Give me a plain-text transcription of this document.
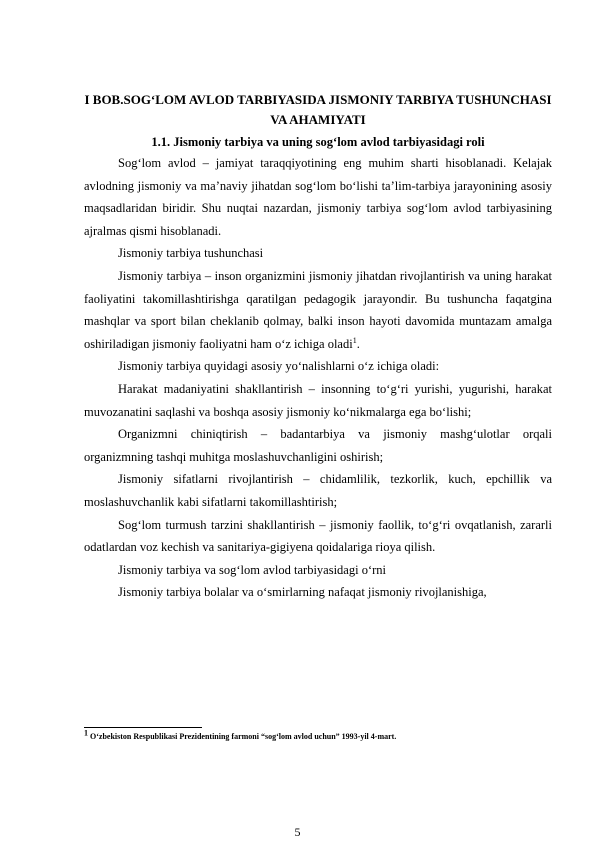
I BOB.SOG‘LOM AVLOD TARBIYASIDA JISMONIY TARBIYA TUSHUNCHASI VA AHAMIYATI
1.1. Jismoniy tarbiya va uning sog‘lom avlod tarbiyasidagi roli

Sog‘lom avlod – jamiyat taraqqiyotining eng muhim sharti hisoblanadi. Kelajak avlodning jismoniy va ma’naviy jihatdan sog‘lom bo‘lishi ta’lim-tarbiya jarayonining asosiy maqsadlaridan biridir. Shu nuqtai nazardan, jismoniy tarbiya sog‘lom avlod tarbiyasining ajralmas qismi hisoblanadi.

Jismoniy tarbiya tushunchasi

Jismoniy tarbiya – inson organizmini jismoniy jihatdan rivojlantirish va uning harakat faoliyatini takomillashtirishga qaratilgan pedagogik jarayondir. Bu tushuncha faqatgina mashqlar va sport bilan cheklanib qolmay, balki inson hayoti davomida muntazam amalga oshiriladigan jismoniy faoliyatni ham o‘z ichiga oladi$^1$.

Jismoniy tarbiya quyidagi asosiy yo‘nalishlarni o‘z ichiga oladi:

Harakat madaniyatini shakllantirish – insonning to‘g‘ri yurishi, yugurishi, harakat muvozanatini saqlashi va boshqa asosiy jismoniy ko‘nikmalarga ega bo‘lishi;

Organizmni chiniqtirish – badantarbiya va jismoniy mashg‘ulotlar orqali organizmning tashqi muhitga moslashuvchanligini oshirish;

Jismoniy sifatlarni rivojlantirish – chidamlilik, tezkorlik, kuch, epchillik va moslashuvchanlik kabi sifatlarni takomillashtirish;

Sog‘lom turmush tarzini shakllantirish – jismoniy faollik, to‘g‘ri ovqatlanish, zararli odatlardan voz kechish va sanitariya-gigiyena qoidalariga rioya qilish.

Jismoniy tarbiya va sog‘lom avlod tarbiyasidagi o‘rni

Jismoniy tarbiya bolalar va o‘smirlarning nafaqat jismoniy rivojlanishiga,

$^1$ O‘zbekiston Respublikasi Prezidentining farmoni “sog‘lom avlod uchun” 1993-yil 4-mart.

5
